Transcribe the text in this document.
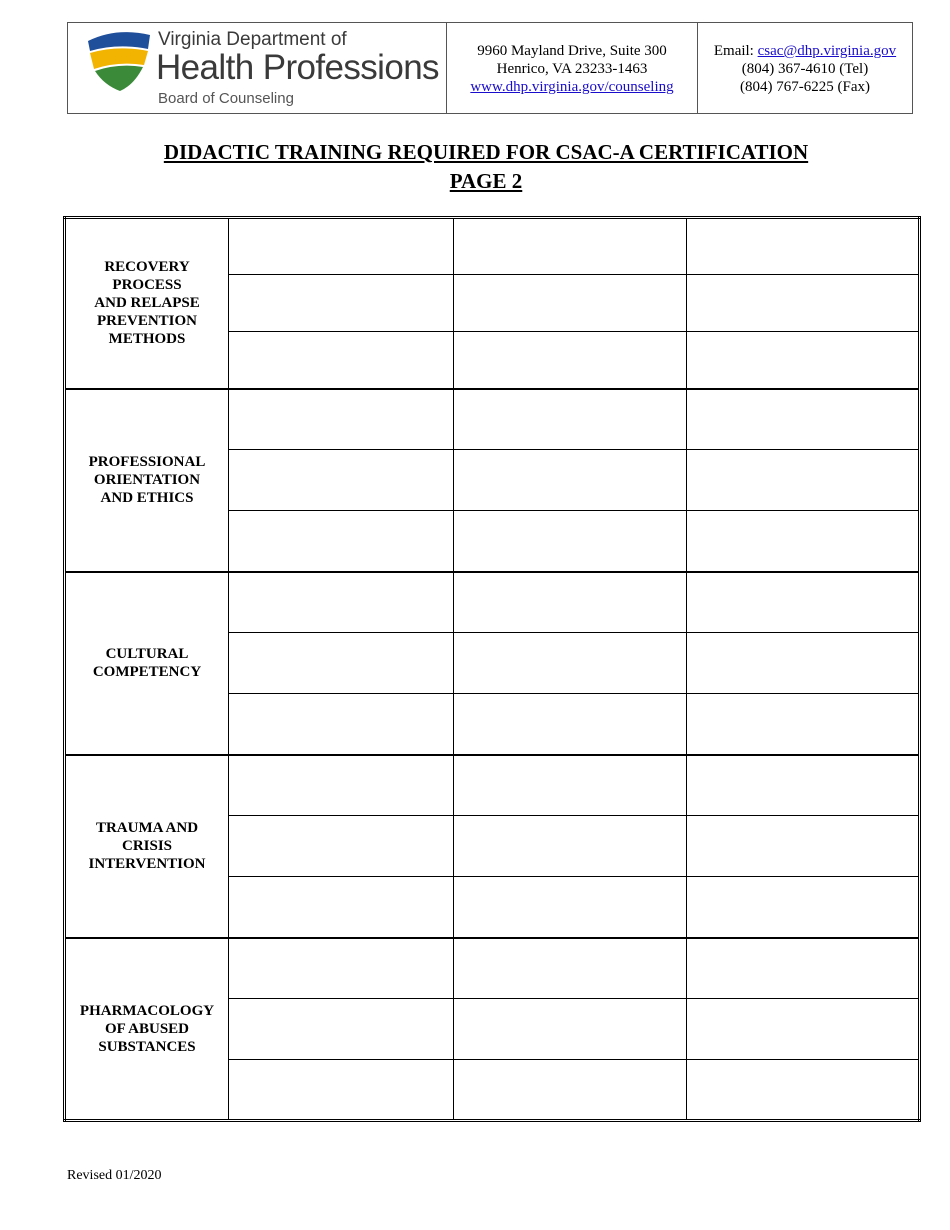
Virginia Department of
Health Professions
Board of Counseling
9960 Mayland Drive, Suite 300
Henrico, VA 23233-1463
www.dhp.virginia.gov/counseling
Email: csac@dhp.virginia.gov
(804) 367-4610 (Tel)
(804) 767-6225 (Fax)
DIDACTIC TRAINING REQUIRED FOR CSAC-A CERTIFICATION
PAGE 2
RECOVERY
PROCESS
AND RELAPSE
PREVENTION
METHODS			

PROFESSIONAL
ORIENTATION
AND ETHICS			

CULTURAL
COMPETENCY			

TRAUMA AND
CRISIS
INTERVENTION			

PHARMACOLOGY
OF ABUSED
SUBSTANCES			

Revised 01/2020
